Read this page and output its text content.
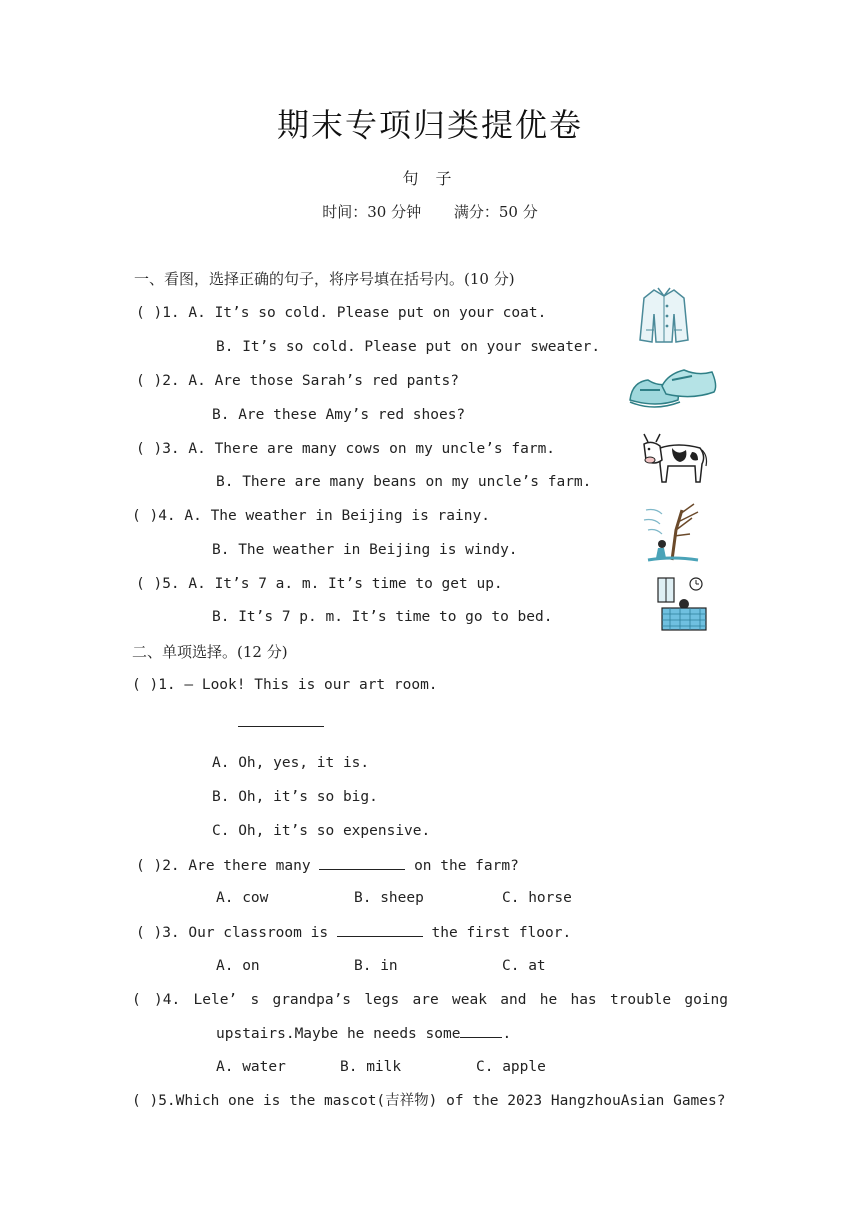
期末专项归类提优卷
句 子
时间：30 分钟 满分：50 分
一、看图，选择正确的句子，将序号填在括号内。(10 分)
( )1. A. It’s so cold. Please put on your coat.
B. It’s so cold. Please put on your sweater.
( )2. A. Are those Sarah’s red pants?
B. Are these Amy’s red shoes?
( )3. A. There are many cows on my uncle’s farm.
B. There are many beans on my uncle’s farm.
( )4. A. The weather in Beijing is rainy.
B. The weather in Beijing is windy.
( )5. A. It’s 7 a. m. It’s time to get up.
B. It’s 7 p. m. It’s time to go to bed.
二、单项选择。(12 分)
( )1. — Look! This is our art room.
A. Oh, yes, it is.
B. Oh, it’s so big.
C. Oh, it’s so expensive.
( )2. Are there many	on the farm?
A. cow	B. sheep	C. horse
( )3. Our classroom is	the first floor.
A. on	B. in	C. at
( )4. Lele’ s grandpa’s legs are weak and he has trouble going
upstairs.Maybe he needs some	.
A. water	B. milk	C. apple
( )5.Which one is the mascot(吉祥物) of the 2023 HangzhouAsian Games?
